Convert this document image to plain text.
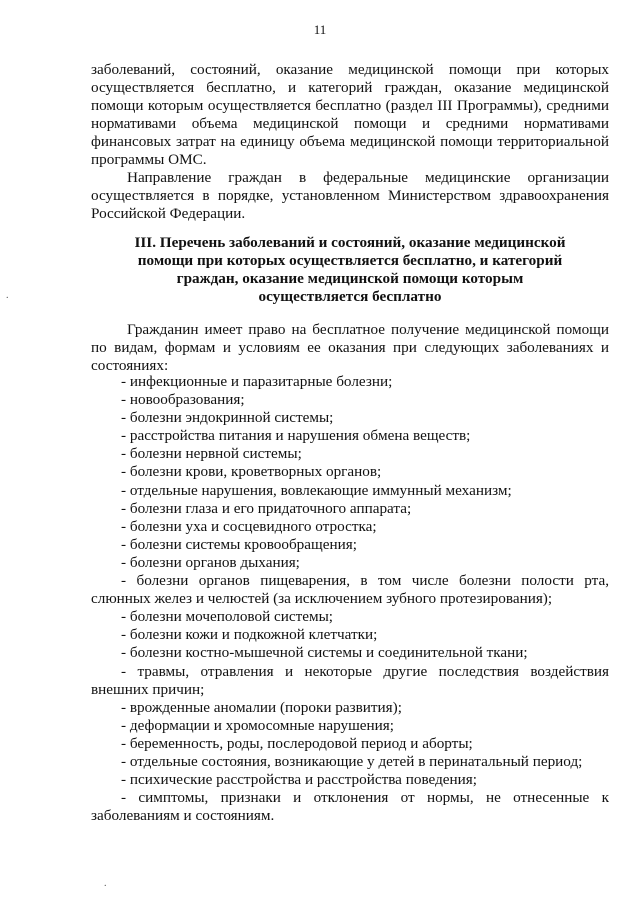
11
заболеваний, состояний, оказание медицинской помощи при которых осуществляется бесплатно, и категорий граждан, оказание медицинской помощи которым осуществляется бесплатно (раздел III Программы), средними нормативами объема медицинской помощи и средними нормативами финансовых затрат на единицу объема медицинской помощи территориальной программы ОМС.
Направление граждан в федеральные медицинские организации осуществляется в порядке, установленном Министерством здравоохранения Российской Федерации.
III. Перечень заболеваний и состояний, оказание медицинской
помощи при которых осуществляется бесплатно, и категорий
граждан, оказание медицинской помощи которым
осуществляется бесплатно
Гражданин имеет право на бесплатное получение медицинской помощи по видам, формам и условиям ее оказания при следующих заболеваниях и состояниях:
- инфекционные и паразитарные болезни;
- новообразования;
- болезни эндокринной системы;
- расстройства питания и нарушения обмена веществ;
- болезни нервной системы;
- болезни крови, кроветворных органов;
- отдельные нарушения, вовлекающие иммунный механизм;
- болезни глаза и его придаточного аппарата;
- болезни уха и сосцевидного отростка;
- болезни системы кровообращения;
- болезни органов дыхания;
- болезни органов пищеварения, в том числе болезни полости рта, слюнных желез и челюстей (за исключением зубного протезирования);
- болезни мочеполовой системы;
- болезни кожи и подкожной клетчатки;
- болезни костно-мышечной системы и соединительной ткани;
- травмы, отравления и некоторые другие последствия воздействия внешних причин;
- врожденные аномалии (пороки развития);
- деформации и хромосомные нарушения;
- беременность, роды, послеродовой период и аборты;
- отдельные состояния, возникающие у детей в перинатальный период;
- психические расстройства и расстройства поведения;
- симптомы, признаки и отклонения от нормы, не отнесенные к заболеваниям и состояниям.
.
.
